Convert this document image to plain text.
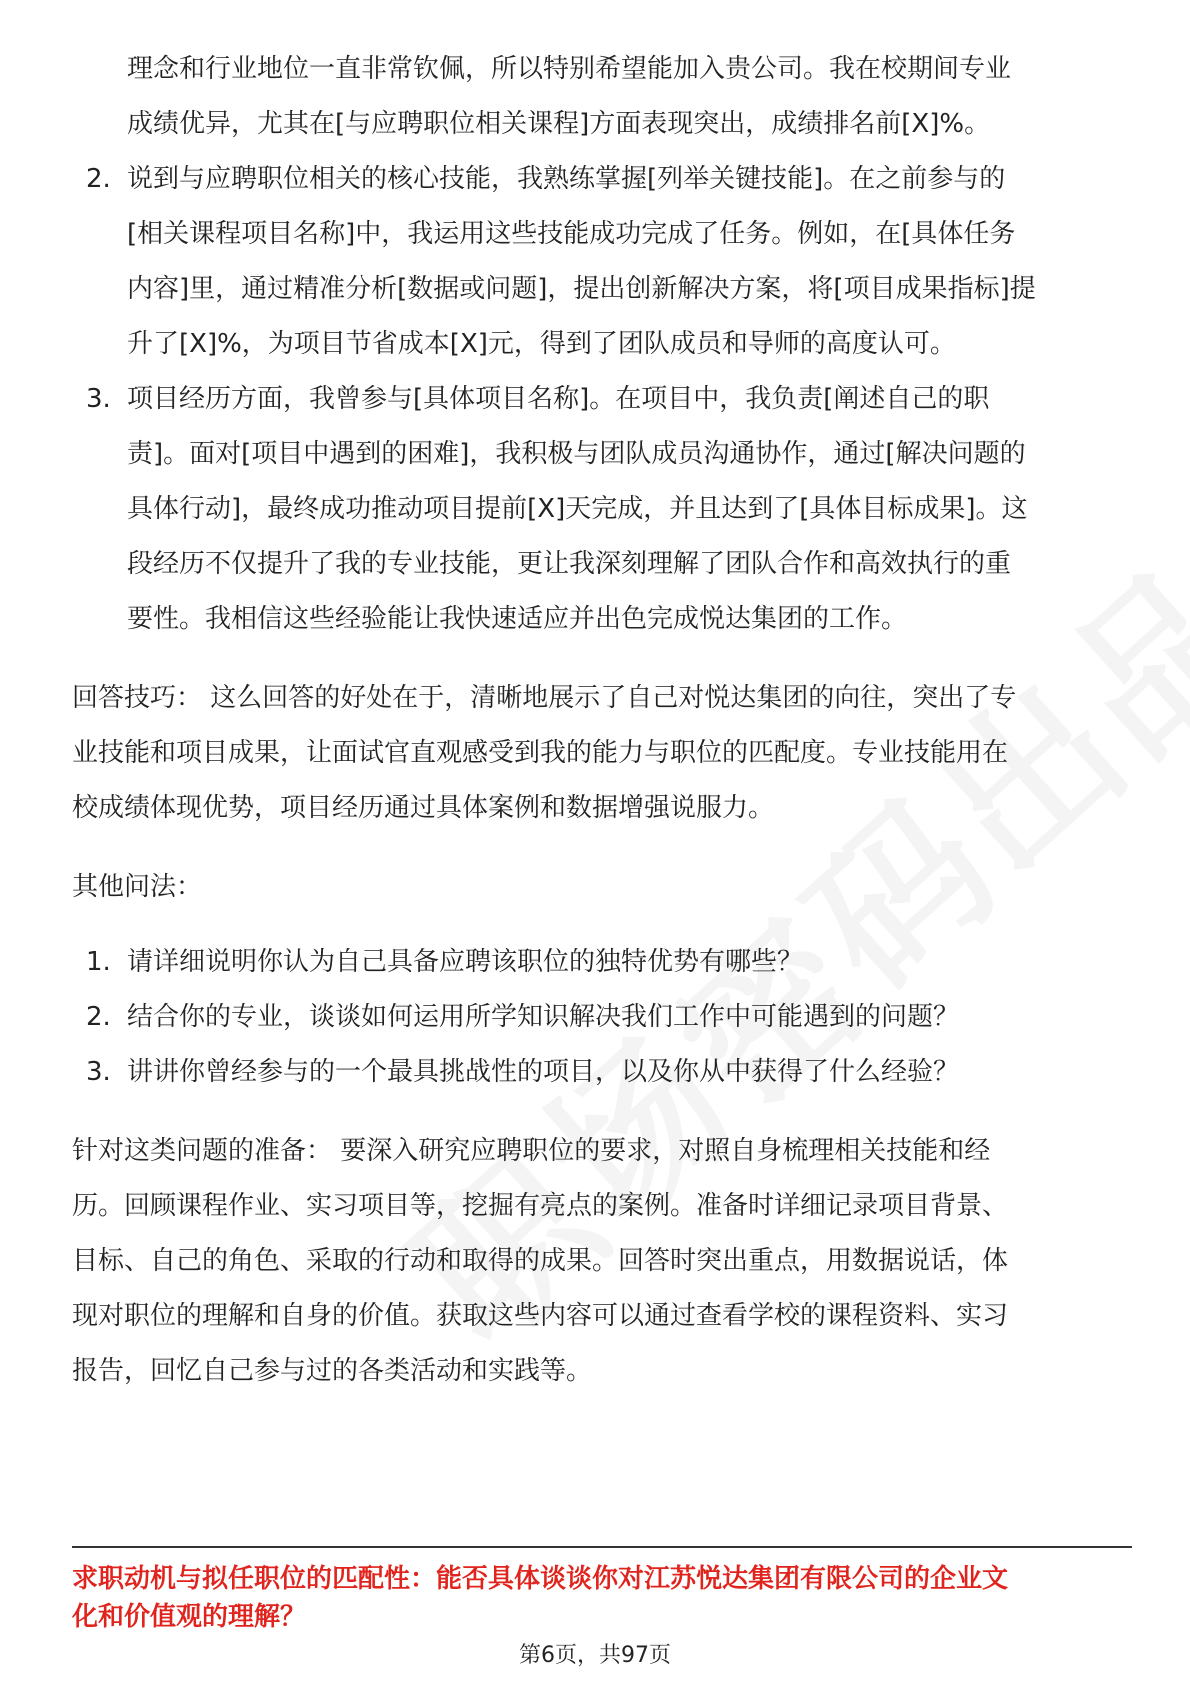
理念和行业地位一直非常钦佩，所以特别希望能加入贵公司。我在校期间专业
成绩优异，尤其在[与应聘职位相关课程]方面表现突出，成绩排名前[X]%。
2. 说到与应聘职位相关的核心技能，我熟练掌握[列举关键技能]。在之前参与的
[相关课程项目名称]中，我运用这些技能成功完成了任务。例如，在[具体任务
内容]里，通过精准分析[数据或问题]，提出创新解决方案，将[项目成果指标]提
升了[X]%，为项目节省成本[X]元，得到了团队成员和导师的高度认可。
3. 项目经历方面，我曾参与[具体项目名称]。在项目中，我负责[阐述自己的职
责]。面对[项目中遇到的困难]，我积极与团队成员沟通协作，通过[解决问题的
具体行动]，最终成功推动项目提前[X]天完成，并且达到了[具体目标成果]。这
段经历不仅提升了我的专业技能，更让我深刻理解了团队合作和高效执行的重
要性。我相信这些经验能让我快速适应并出色完成悦达集团的工作。
回答技巧： 这么回答的好处在于，清晰地展示了自己对悦达集团的向往，突出了专
业技能和项目成果，让面试官直观感受到我的能力与职位的匹配度。专业技能用在
校成绩体现优势，项目经历通过具体案例和数据增强说服力。
其他问法：
1. 请详细说明你认为自己具备应聘该职位的独特优势有哪些？
2. 结合你的专业，谈谈如何运用所学知识解决我们工作中可能遇到的问题？
3. 讲讲你曾经参与的一个最具挑战性的项目，以及你从中获得了什么经验？
针对这类问题的准备： 要深入研究应聘职位的要求，对照自身梳理相关技能和经
历。回顾课程作业、实习项目等，挖掘有亮点的案例。准备时详细记录项目背景、
目标、自己的角色、采取的行动和取得的成果。回答时突出重点，用数据说话，体
现对职位的理解和自身的价值。获取这些内容可以通过查看学校的课程资料、实习
报告，回忆自己参与过的各类活动和实践等。
求职动机与拟任职位的匹配性：能否具体谈谈你对江苏悦达集团有限公司的企业文
化和价值观的理解？
第6页，共97页
